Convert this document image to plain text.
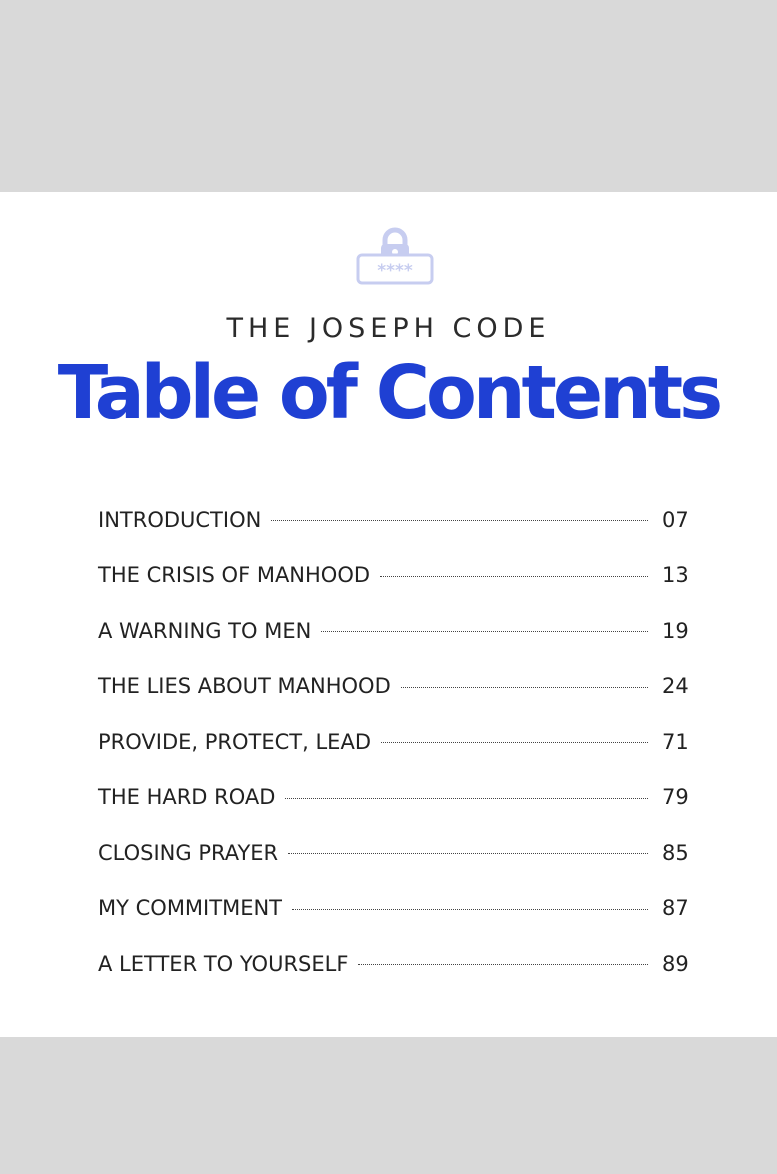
****
THE JOSEPH CODE
Table of Contents
INTRODUCTION	07
THE CRISIS OF MANHOOD	13
A WARNING TO MEN	19
THE LIES ABOUT MANHOOD	24
PROVIDE, PROTECT, LEAD	71
THE HARD ROAD	79
CLOSING PRAYER	85
MY COMMITMENT	87
A LETTER TO YOURSELF	89
